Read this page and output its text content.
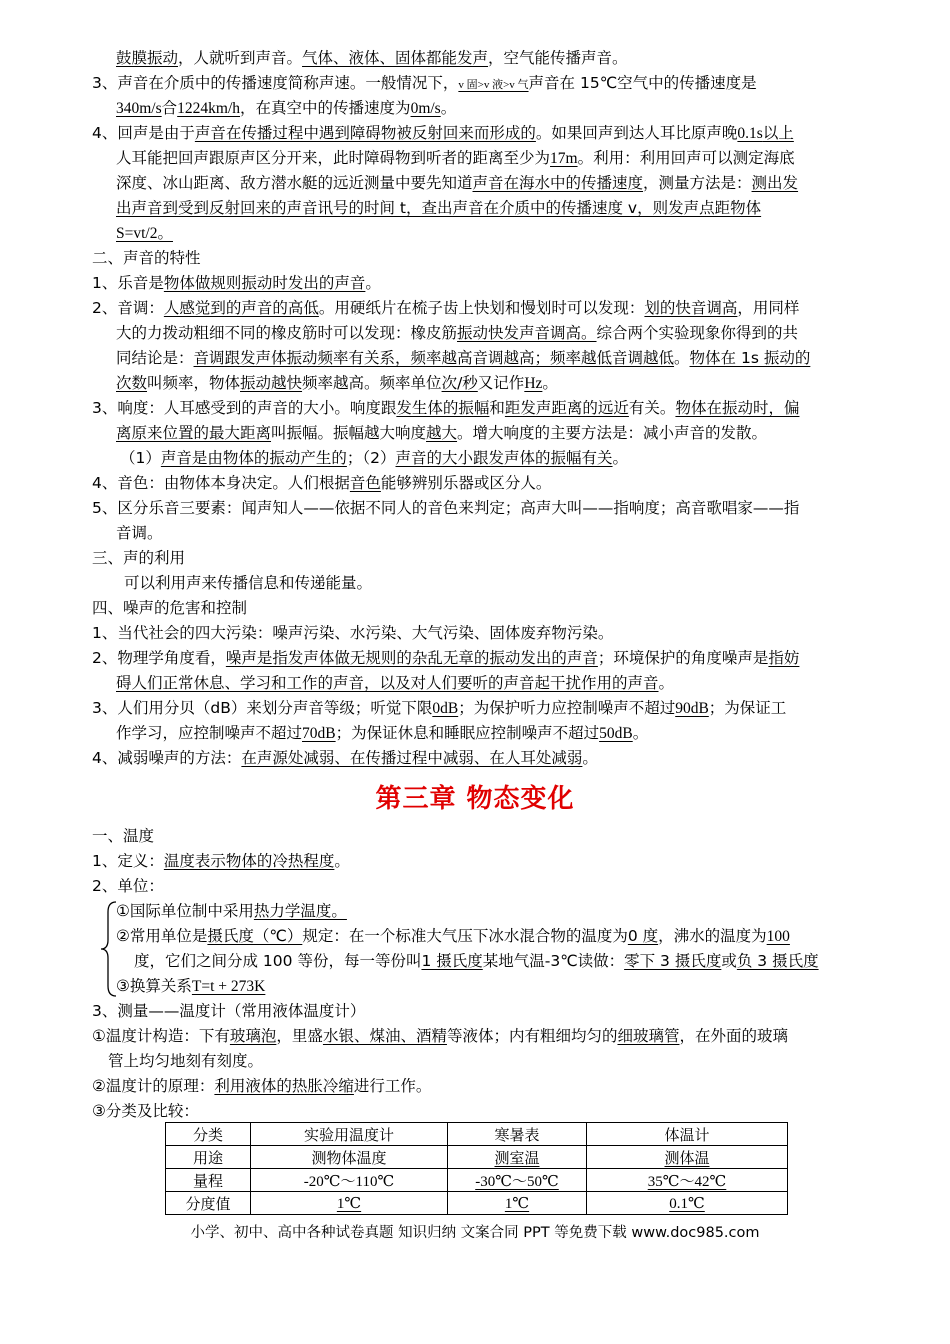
鼓膜振动，人就听到声音。气体、液体、固体都能发声，空气能传播声音。
3、声音在介质中的传播速度简称声速。一般情况下，v 固>v 液>v 气声音在 15℃空气中的传播速度是
340m/s合1224km/h，在真空中的传播速度为0m/s。
4、回声是由于声音在传播过程中遇到障碍物被反射回来而形成的。如果回声到达人耳比原声晚0.1s以上
人耳能把回声跟原声区分开来，此时障碍物到听者的距离至少为17m。利用：利用回声可以测定海底
深度、冰山距离、敌方潜水艇的远近测量中要先知道声音在海水中的传播速度，测量方法是：测出发
出声音到受到反射回来的声音讯号的时间 t，查出声音在介质中的传播速度 v，则发声点距物体
S=vt/2。
二、声音的特性
1、乐音是物体做规则振动时发出的声音。
2、音调：人感觉到的声音的高低。用硬纸片在梳子齿上快划和慢划时可以发现：划的快音调高，用同样
大的力拨动粗细不同的橡皮筋时可以发现：橡皮筋振动快发声音调高。综合两个实验现象你得到的共
同结论是：音调跟发声体振动频率有关系，频率越高音调越高；频率越低音调越低。物体在 1s 振动的
次数叫频率，物体振动越快频率越高。频率单位次/秒又记作Hz。
3、响度：人耳感受到的声音的大小。响度跟发生体的振幅和距发声距离的远近有关。物体在振动时，偏
离原来位置的最大距离叫振幅。振幅越大响度越大。增大响度的主要方法是：减小声音的发散。
（1）声音是由物体的振动产生的；（2）声音的大小跟发声体的振幅有关。
4、音色：由物体本身决定。人们根据音色能够辨别乐器或区分人。
5、区分乐音三要素：闻声知人——依据不同人的音色来判定；高声大叫——指响度；高音歌唱家——指
音调。
三、声的利用
可以利用声来传播信息和传递能量。
四、噪声的危害和控制
1、当代社会的四大污染：噪声污染、水污染、大气污染、固体废弃物污染。
2、物理学角度看，噪声是指发声体做无规则的杂乱无章的振动发出的声音；环境保护的角度噪声是指妨
碍人们正常休息、学习和工作的声音，以及对人们要听的声音起干扰作用的声音。
3、人们用分贝（dB）来划分声音等级；听觉下限0dB；为保护听力应控制噪声不超过90dB；为保证工
作学习，应控制噪声不超过70dB；为保证休息和睡眠应控制噪声不超过50dB。
4、减弱噪声的方法：在声源处减弱、在传播过程中减弱、在人耳处减弱。
第三章 物态变化
一、温度
1、定义：温度表示物体的冷热程度。
2、单位：
①国际单位制中采用热力学温度。
②常用单位是摄氏度（℃）规定：在一个标准大气压下冰水混合物的温度为0 度，沸水的温度为100
度，它们之间分成 100 等份，每一等份叫1 摄氏度某地气温-3℃读做：零下 3 摄氏度或负 3 摄氏度
③换算关系T=t + 273K
3、测量——温度计（常用液体温度计）
①温度计构造：下有玻璃泡，里盛水银、煤油、酒精等液体；内有粗细均匀的细玻璃管，在外面的玻璃
管上均匀地刻有刻度。
②温度计的原理：利用液体的热胀冷缩进行工作。
③分类及比较：
分类	实验用温度计	寒暑表	体温计
用途	测物体温度	测室温	测体温
量程	-20℃～110℃	-30℃～50℃	35℃～42℃
分度值	1℃	1℃	0.1℃
小学、初中、高中各种试卷真题 知识归纳 文案合同 PPT 等免费下载 www.doc985.com
